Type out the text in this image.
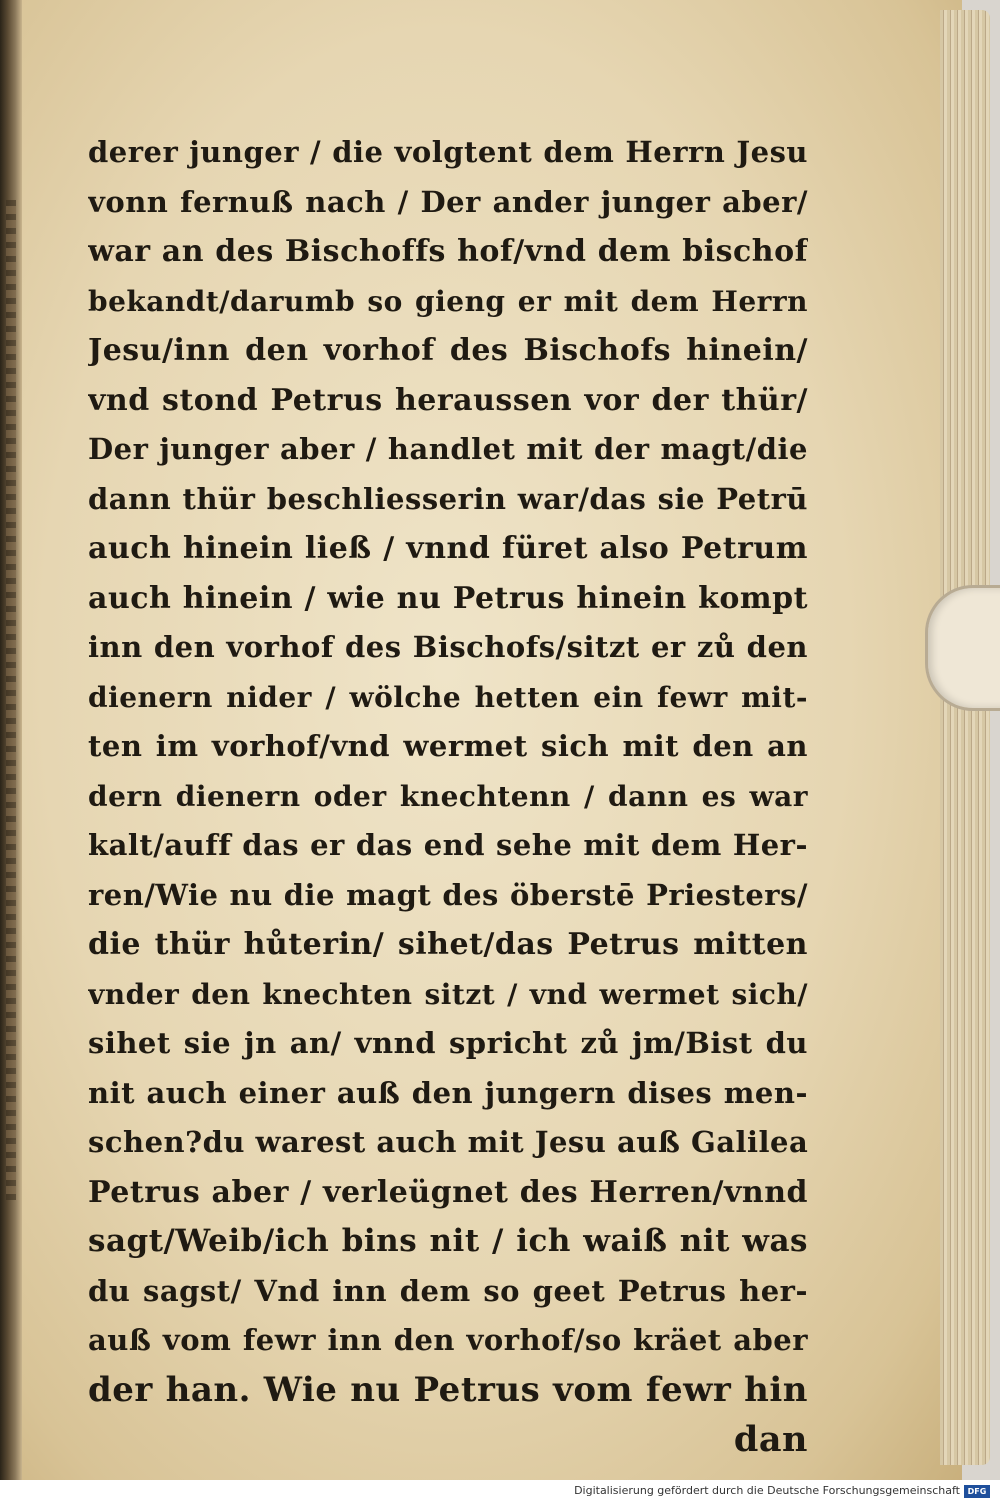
derer junger / die volgtent dem Herrn Jesu
vonn fernuß nach / Der ander junger aber/
war an des Bischoffs hof/vnd dem bischof
bekandt/darumb so gieng er mit dem Herrn
Jesu/inn den vorhof des Bischofs hinein/
vnd stond Petrus heraussen vor der thür/
Der junger aber / handlet mit der magt/die
dann thür beschliesserin war/das sie Petrū
auch hinein ließ / vnnd füret also Petrum
auch hinein / wie nu Petrus hinein kompt
inn den vorhof des Bischofs/sitzt er zů den
dienern nider / wölche hetten ein fewr mit-
ten im vorhof/vnd wermet sich mit den an
dern dienern oder knechtenn / dann es war
kalt/auff das er das end sehe mit dem Her-
ren/Wie nu die magt des öberstē Priesters/
die thür hůterin/ sihet/das Petrus mitten
vnder den knechten sitzt / vnd wermet sich/
sihet sie jn an/ vnnd spricht zů jm/Bist du
nit auch einer auß den jungern dises men-
schen?du warest auch mit Jesu auß Galilea
Petrus aber / verleügnet des Herren/vnnd
sagt/Weib/ich bins nit / ich waiß nit was
du sagst/ Vnd inn dem so geet Petrus her-
auß vom fewr inn den vorhof/so kräet aber
der han. Wie nu Petrus vom fewr hin
dan
Digitalisierung gefördert durch die Deutsche Forschungsgemeinschaft DFG
